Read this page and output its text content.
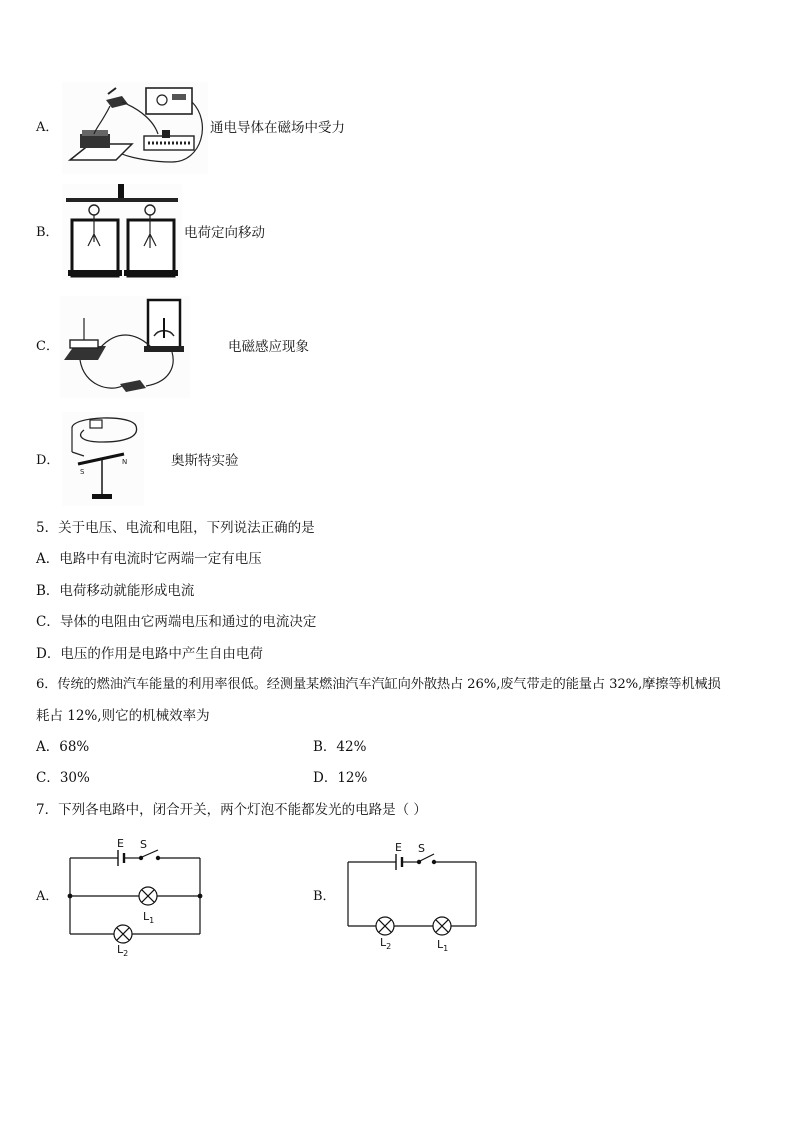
A．	通电导体在磁场中受力
B．	电荷定向移动
C．	电磁感应现象
D．
S
N	奥斯特实验
5．关于电压、电流和电阻，下列说法正确的是
A．电路中有电流时它两端一定有电压
B．电荷移动就能形成电流
C．导体的电阻由它两端电压和通过的电流决定
D．电压的作用是电路中产生自由电荷
6．传统的燃油汽车能量的利用率很低。经测量某燃油汽车汽缸向外散热占 26%,废气带走的能量占 32%,摩擦等机械损
耗占 12%,则它的机械效率为
A．68%	B．42%
C．30%	D．12%
7．下列各电路中，闭合开关，两个灯泡不能都发光的电路是（ ）
A．
E S
$L_1$
$L_2$
B．
E S
$L_2$	$L_1$
